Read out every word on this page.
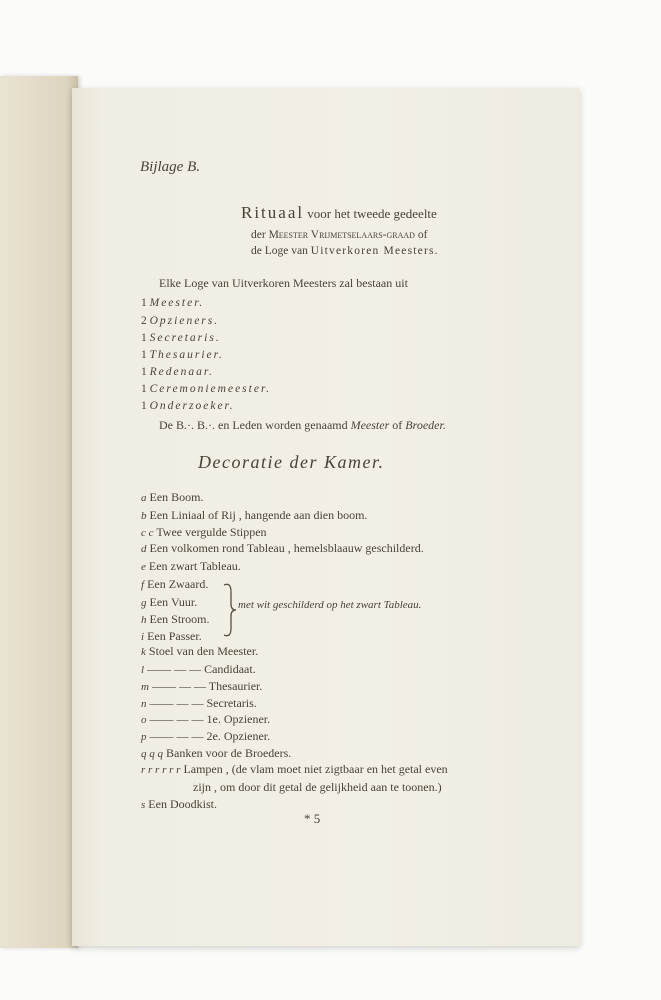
Bijlage B.
Rituaal voor het tweede gedeelte
der Meester Vrijmetselaars-graad of
de Loge van Uitverkoren Meesters.
Elke Loge van Uitverkoren Meesters zal bestaan uit
1 Meester.
2 Opzieners.
1 Secretaris.
1 Thesaurier.
1 Redenaar.
1 Ceremoniemeester.
1 Onderzoeker.
De B.·. B.·. en Leden worden genaamd Meester of Broeder.
Decoratie der Kamer.
a Een Boom.
b Een Liniaal of Rij , hangende aan dien boom.
c c Twee vergulde Stippen
d Een volkomen rond Tableau , hemelsblaauw geschilderd.
e Een zwart Tableau.
f Een Zwaard.
g Een Vuur.
h Een Stroom.
i Een Passer.
k Stoel van den Meester.
l —— — — Candidaat.
m —— — — Thesaurier.
n —— — — Secretaris.
o —— — — 1e. Opziener.
p —— — — 2e. Opziener.
q q q Banken voor de Broeders.
r r r r r r Lampen , (de vlam moet niet zigtbaar en het getal even
zijn , om door dit getal de gelijkheid aan te toonen.)
s Een Doodkist.
met wit geschilderd op het zwart Tableau.
* 5
